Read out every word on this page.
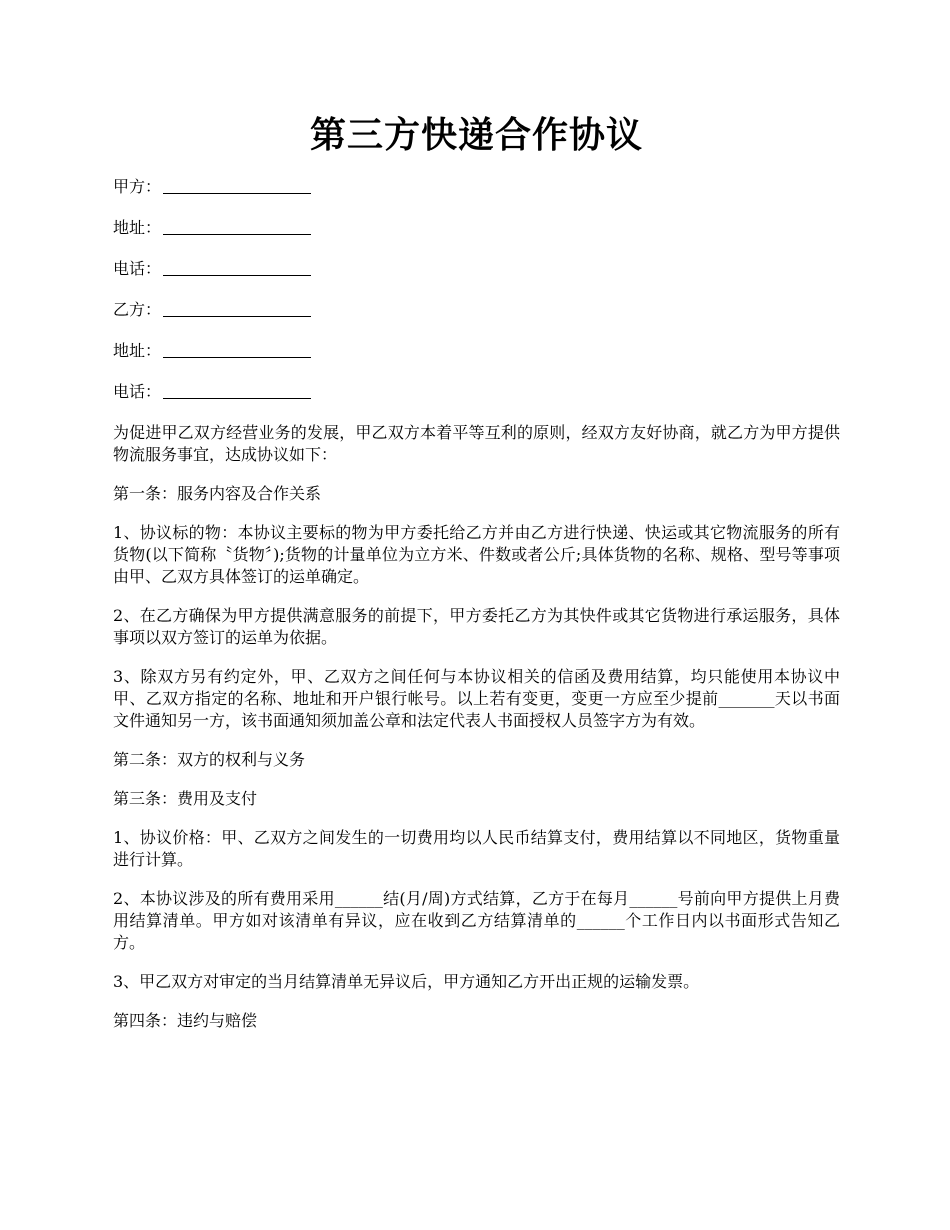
第三方快递合作协议
甲方：
地址：
电话：
乙方：
地址：
电话：

为促进甲乙双方经营业务的发展，甲乙双方本着平等互利的原则，经双方友好协商，就乙方为甲方提供物流服务事宜，达成协议如下：

第一条：服务内容及合作关系

1、协议标的物：本协议主要标的物为甲方委托给乙方并由乙方进行快递、快运或其它物流服务的所有货物(以下简称〝货物〞);货物的计量单位为立方米、件数或者公斤;具体货物的名称、规格、型号等事项由甲、乙双方具体签订的运单确定。

2、在乙方确保为甲方提供满意服务的前提下，甲方委托乙方为其快件或其它货物进行承运服务，具体事项以双方签订的运单为依据。

3、除双方另有约定外，甲、乙双方之间任何与本协议相关的信函及费用结算，均只能使用本协议中甲、乙双方指定的名称、地址和开户银行帐号。以上若有变更，变更一方应至少提前_______天以书面文件通知另一方，该书面通知须加盖公章和法定代表人书面授权人员签字方为有效。

第二条：双方的权利与义务

第三条：费用及支付

1、协议价格：甲、乙双方之间发生的一切费用均以人民币结算支付，费用结算以不同地区，货物重量进行计算。

2、本协议涉及的所有费用采用______结(月/周)方式结算，乙方于在每月______号前向甲方提供上月费用结算清单。甲方如对该清单有异议，应在收到乙方结算清单的______个工作日内以书面形式告知乙方。

3、甲乙双方对审定的当月结算清单无异议后，甲方通知乙方开出正规的运输发票。

第四条：违约与赔偿
